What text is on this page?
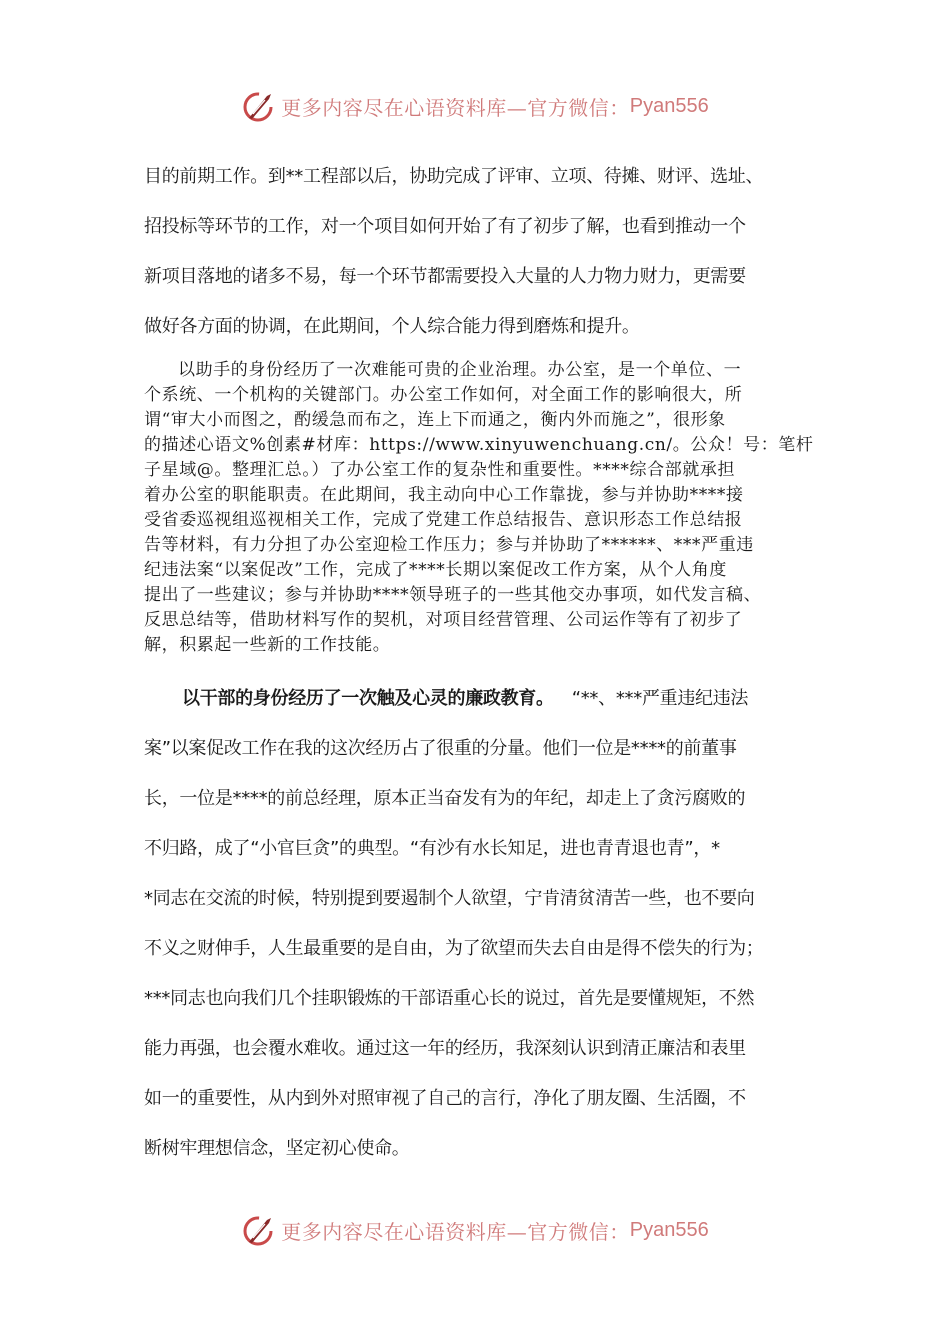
更多内容尽在心语资料库—官方微信： Pyan556

目的前期工作。到**工程部以后，协助完成了评审、立项、待摊、财评、选址、

招投标等环节的工作，对一个项目如何开始了有了初步了解，也看到推动一个

新项目落地的诸多不易，每一个环节都需要投入大量的人力物力财力，更需要

做好各方面的协调，在此期间，个人综合能力得到磨炼和提升。

以助手的身份经历了一次难能可贵的企业治理。办公室，是一个单位、一

个系统、一个机构的关键部门。办公室工作如何，对全面工作的影响很大，所

谓“审大小而图之，酌缓急而布之，连上下而通之，衡内外而施之”，很形象

的描述心语文%创素#材库：https://www.xinyuwenchuang.cn/。公众！号：笔杆

子星域@。整理汇总。）了办公室工作的复杂性和重要性。****综合部就承担

着办公室的职能职责。在此期间，我主动向中心工作靠拢，参与并协助****接

受省委巡视组巡视相关工作，完成了党建工作总结报告、意识形态工作总结报

告等材料，有力分担了办公室迎检工作压力；参与并协助了******、***严重违

纪违法案“以案促改”工作，完成了****长期以案促改工作方案，从个人角度

提出了一些建议；参与并协助****领导班子的一些其他交办事项，如代发言稿、

反思总结等，借助材料写作的契机，对项目经营管理、公司运作等有了初步了

解，积累起一些新的工作技能。

以干部的身份经历了一次触及心灵的廉政教育。 “**、***严重违纪违法

案”以案促改工作在我的这次经历占了很重的分量。他们一位是****的前董事

长，一位是****的前总经理，原本正当奋发有为的年纪，却走上了贪污腐败的

不归路，成了“小官巨贪”的典型。“有沙有水长知足，进也青青退也青”，*

*同志在交流的时候，特别提到要遏制个人欲望，宁肯清贫清苦一些，也不要向

不义之财伸手，人生最重要的是自由，为了欲望而失去自由是得不偿失的行为；

***同志也向我们几个挂职锻炼的干部语重心长的说过，首先是要懂规矩，不然

能力再强，也会覆水难收。通过这一年的经历，我深刻认识到清正廉洁和表里

如一的重要性，从内到外对照审视了自己的言行，净化了朋友圈、生活圈，不

断树牢理想信念，坚定初心使命。

更多内容尽在心语资料库—官方微信： Pyan556
